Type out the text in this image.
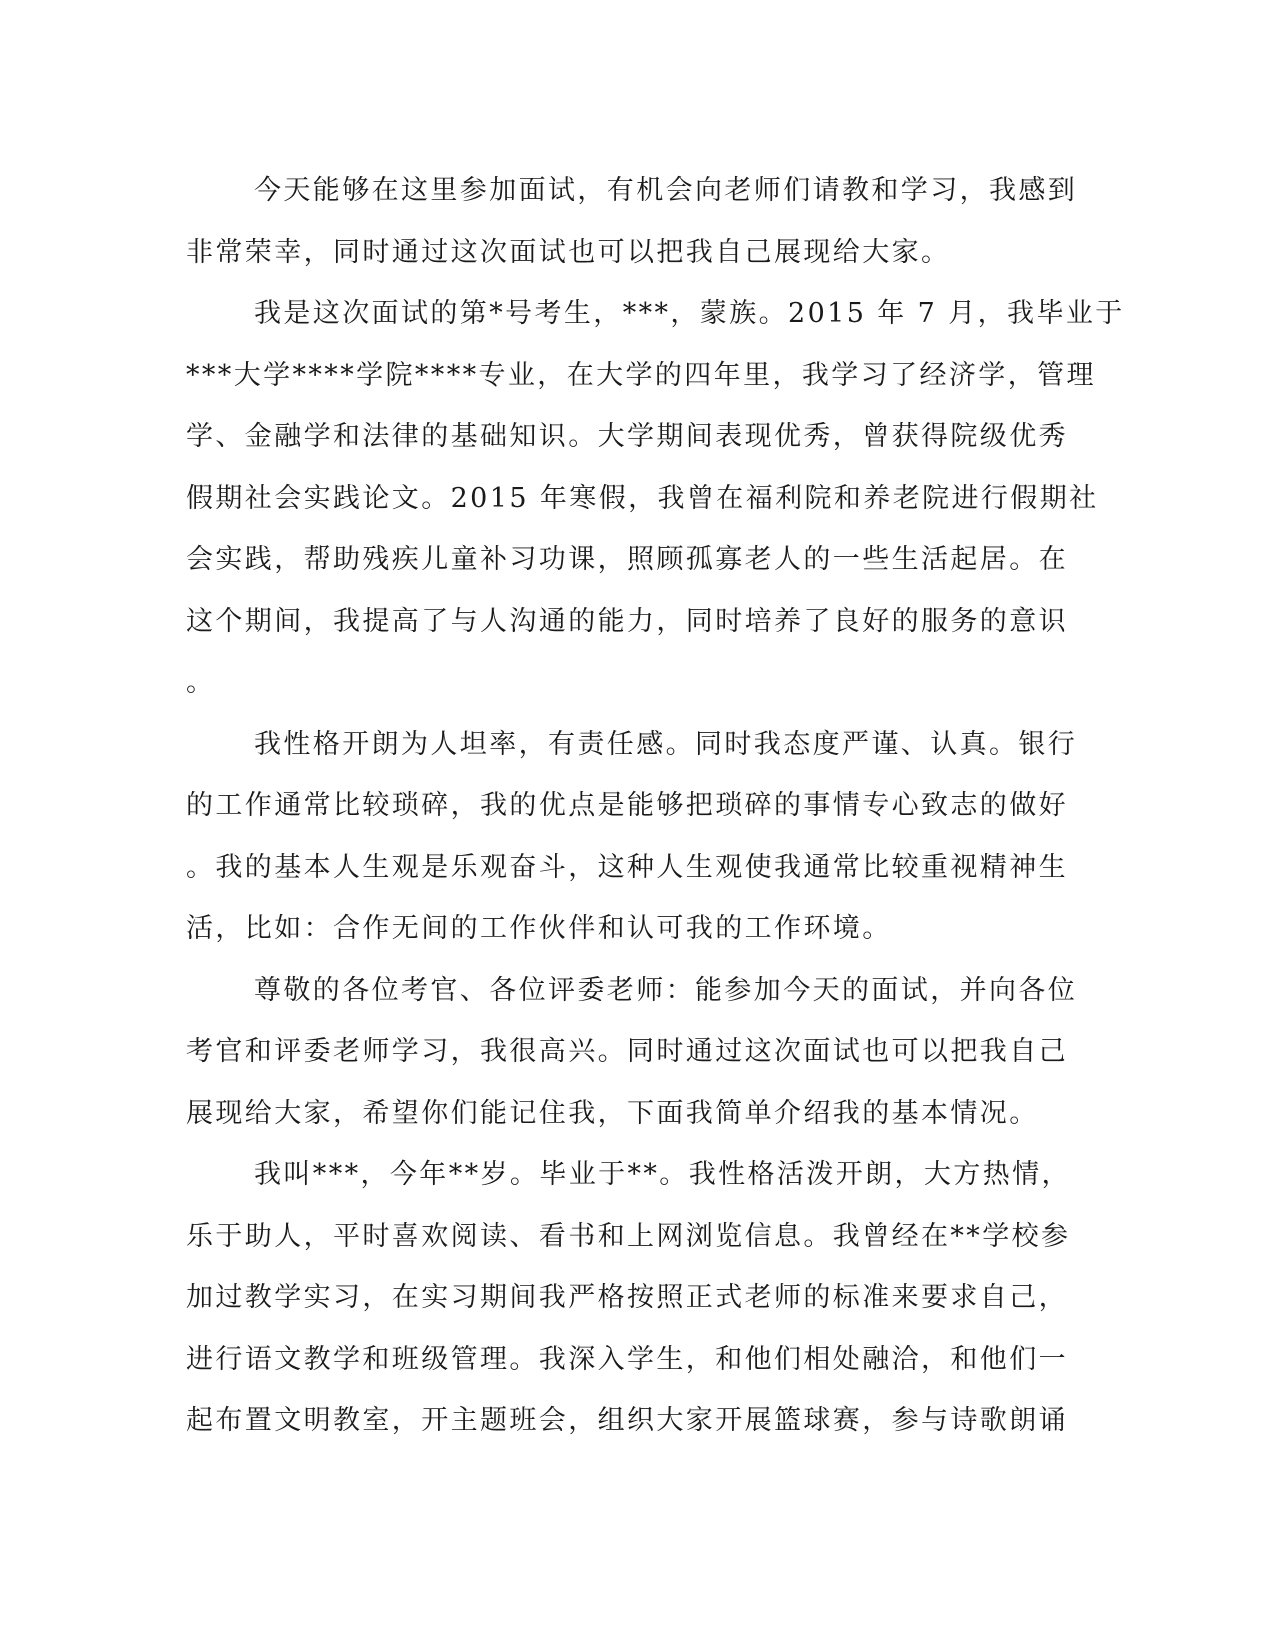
今天能够在这里参加面试，有机会向老师们请教和学习，我感到
非常荣幸，同时通过这次面试也可以把我自己展现给大家。
我是这次面试的第*号考生，***，蒙族。2015 年 7 月，我毕业于
***大学****学院****专业，在大学的四年里，我学习了经济学，管理
学、金融学和法律的基础知识。大学期间表现优秀，曾获得院级优秀
假期社会实践论文。2015 年寒假，我曾在福利院和养老院进行假期社
会实践，帮助残疾儿童补习功课，照顾孤寡老人的一些生活起居。在
这个期间，我提高了与人沟通的能力，同时培养了良好的服务的意识
。
我性格开朗为人坦率，有责任感。同时我态度严谨、认真。银行
的工作通常比较琐碎，我的优点是能够把琐碎的事情专心致志的做好
。我的基本人生观是乐观奋斗，这种人生观使我通常比较重视精神生
活，比如：合作无间的工作伙伴和认可我的工作环境。
尊敬的各位考官、各位评委老师：能参加今天的面试，并向各位
考官和评委老师学习，我很高兴。同时通过这次面试也可以把我自己
展现给大家，希望你们能记住我，下面我简单介绍我的基本情况。
我叫***，今年**岁。毕业于**。我性格活泼开朗，大方热情，
乐于助人，平时喜欢阅读、看书和上网浏览信息。我曾经在**学校参
加过教学实习，在实习期间我严格按照正式老师的标准来要求自己，
进行语文教学和班级管理。我深入学生，和他们相处融洽，和他们一
起布置文明教室，开主题班会，组织大家开展篮球赛，参与诗歌朗诵
